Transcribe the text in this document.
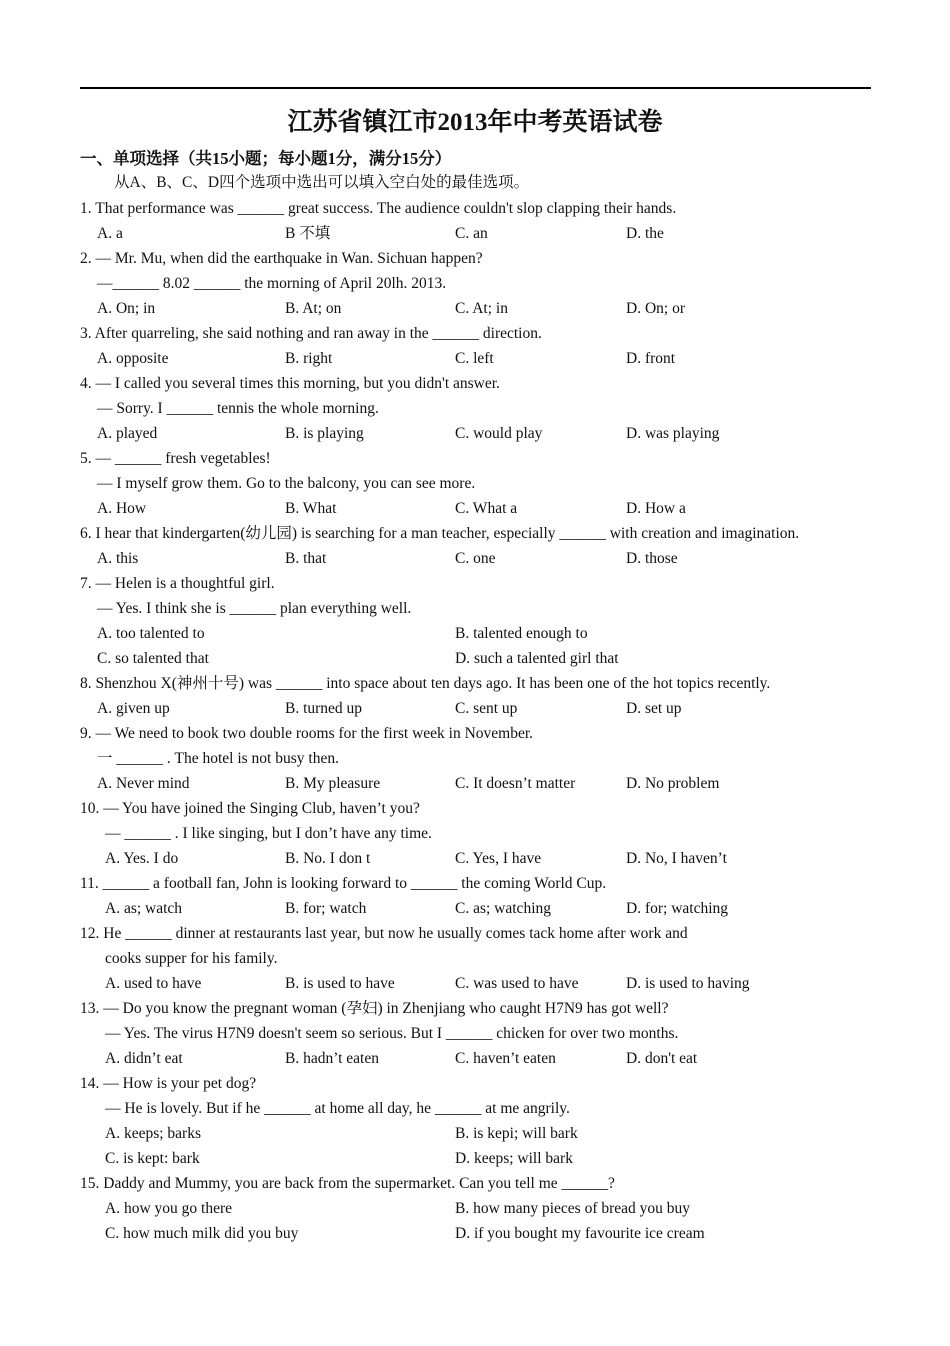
江苏省镇江市2013年中考英语试卷
一、单项选择（共15小题；每小题1分，满分15分）
从A、B、C、D四个选项中选出可以填入空白处的最佳选项。
1. That performance was ______ great success. The audience couldn't slop clapping their hands.
A. a	B 不填	C. an	D. the
2. — Mr. Mu, when did the earthquake in Wan. Sichuan happen?
—______ 8.02 ______ the morning of April 20lh. 2013.
A. On; in	B. At; on	C. At; in	D. On; or
3. After quarreling, she said nothing and ran away in the ______ direction.
A. opposite	B. right	C. left	D. front
4. — I called you several times this morning, but you didn't answer.
— Sorry. I ______ tennis the whole morning.
A. played	B. is playing	C. would play	D. was playing
5. — ______ fresh vegetables!
— I myself grow them. Go to the balcony, you can see more.
A. How	B. What	C. What a	D. How a
6. I hear that kindergarten(幼儿园) is searching for a man teacher, especially ______ with creation and imagination.
A. this	B. that	C. one	D. those
7. — Helen is a thoughtful girl.
— Yes. I think she is ______ plan everything well.
A. too talented to	B. talented enough to
C. so talented that	D. such a talented girl that
8. Shenzhou X(神州十号) was ______ into space about ten days ago. It has been one of the hot topics recently.
A. given up	B. turned up	C. sent up	D. set up
9. — We need to book two double rooms for the first week in November.
一 ______ . The hotel is not busy then.
A. Never mind	B. My pleasure	C. It doesn’t matter	D. No problem
10. — You have joined the Singing Club, haven’t you?
— ______ . I like singing, but I don’t have any time.
A. Yes. I do	B. No. I don t	C. Yes, I have	D. No, I haven’t
11. ______ a football fan, John is looking forward to ______ the coming World Cup.
A. as; watch	B. for; watch	C. as; watching	D. for; watching
12. He ______ dinner at restaurants last year, but now he usually comes tack home after work and
cooks supper for his family.
A. used to have	B. is used to have	C. was used to have	D. is used to having
13. — Do you know the pregnant woman (孕妇) in Zhenjiang who caught H7N9 has got well?
— Yes. The virus H7N9 doesn't seem so serious. But I ______ chicken for over two months.
A. didn’t eat	B. hadn’t eaten	C. haven’t eaten	D. don't eat
14. — How is your pet dog?
— He is lovely. But if he ______ at home all day, he ______ at me angrily.
A. keeps; barks	B. is kepi; will bark
C. is kept: bark	D. keeps; will bark
15. Daddy and Mummy, you are back from the supermarket. Can you tell me ______?
A. how you go there	B. how many pieces of bread you buy
C. how much milk did you buy	D. if you bought my favourite ice cream
